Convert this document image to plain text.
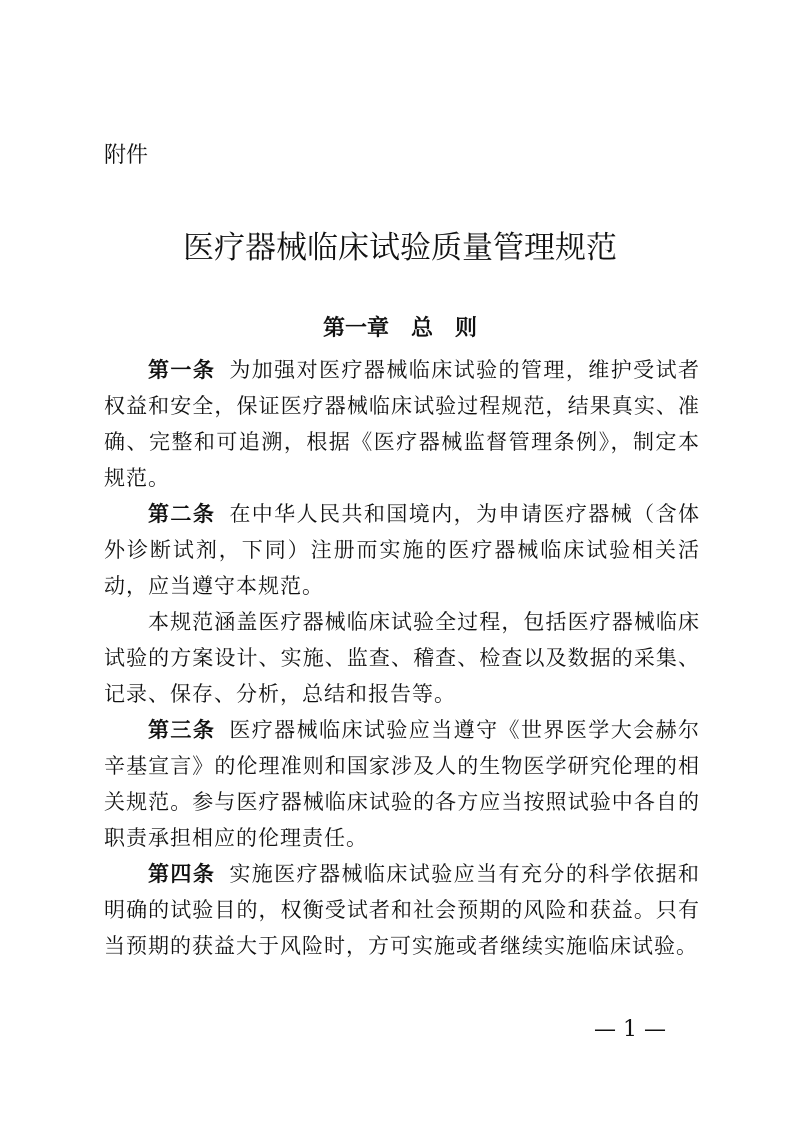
附件
医疗器械临床试验质量管理规范
第一章　总　则

第一条 为加强对医疗器械临床试验的管理，维护受试者权益和安全，保证医疗器械临床试验过程规范，结果真实、准确、完整和可追溯，根据《医疗器械监督管理条例》，制定本规范。

第二条 在中华人民共和国境内，为申请医疗器械（含体外诊断试剂，下同）注册而实施的医疗器械临床试验相关活动，应当遵守本规范。

本规范涵盖医疗器械临床试验全过程，包括医疗器械临床试验的方案设计、实施、监查、稽查、检查以及数据的采集、记录、保存、分析，总结和报告等。

第三条 医疗器械临床试验应当遵守《世界医学大会赫尔辛基宣言》的伦理准则和国家涉及人的生物医学研究伦理的相关规范。参与医疗器械临床试验的各方应当按照试验中各自的职责承担相应的伦理责任。

第四条 实施医疗器械临床试验应当有充分的科学依据和明确的试验目的，权衡受试者和社会预期的风险和获益。只有当预期的获益大于风险时，方可实施或者继续实施临床试验。

— 1 —
